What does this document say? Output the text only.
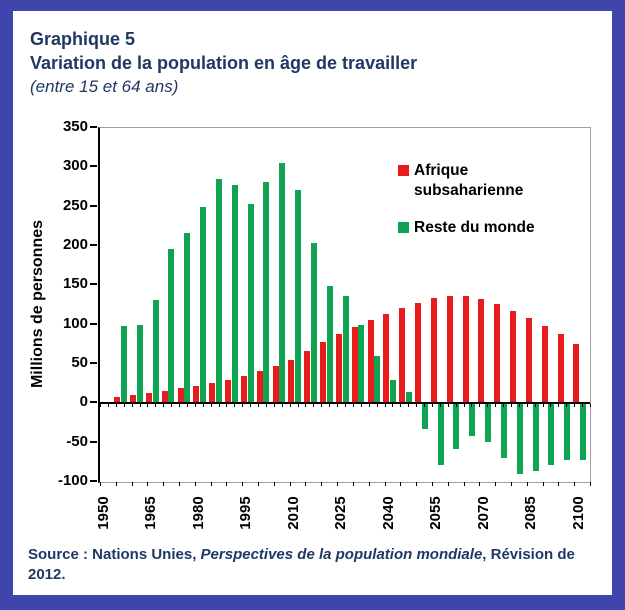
Graphique 5
Variation de la population en âge de travailler
(entre 15 et 64 ans)
Millions de personnes
Afrique
subsaharienne
Reste du monde
Source : Nations Unies, Perspectives de la population mondiale, Révision de 2012.
350
300
250
200
150
100
50
0
-50
-100
1950 1965 1980 1995 2010 2025 2040 2055 2070 2085 2100
